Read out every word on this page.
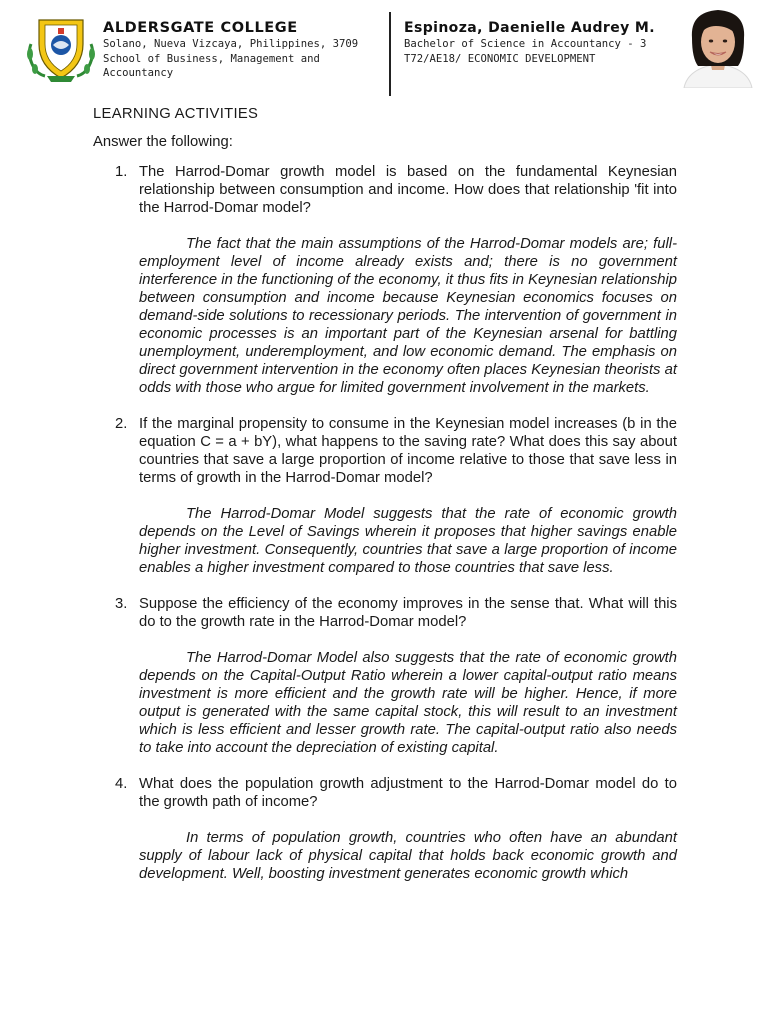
ALDERSGATE COLLEGE
Solano, Nueva Vizcaya, Philippines, 3709
School of Business, Management and
Accountancy
Espinoza, Daenielle Audrey M.
Bachelor of Science in Accountancy - 3
T72/AE18/ ECONOMIC DEVELOPMENT
LEARNING ACTIVITIES
Answer the following:
1. The Harrod-Domar growth model is based on the fundamental Keynesian relationship between consumption and income. How does that relationship 'fit into the Harrod-Domar model?
The fact that the main assumptions of the Harrod-Domar models are; full-employment level of income already exists and; there is no government interference in the functioning of the economy, it thus fits in Keynesian relationship between consumption and income because Keynesian economics focuses on demand-side solutions to recessionary periods. The intervention of government in economic processes is an important part of the Keynesian arsenal for battling unemployment, underemployment, and low economic demand. The emphasis on direct government intervention in the economy often places Keynesian theorists at odds with those who argue for limited government involvement in the markets.
2. If the marginal propensity to consume in the Keynesian model increases (b in the equation C = a + bY), what happens to the saving rate? What does this say about countries that save a large proportion of income relative to those that save less in terms of growth in the Harrod-Domar model?
The Harrod-Domar Model suggests that the rate of economic growth depends on the Level of Savings wherein it proposes that higher savings enable higher investment. Consequently, countries that save a large proportion of income enables a higher investment compared to those countries that save less.
3. Suppose the efficiency of the economy improves in the sense that. What will this do to the growth rate in the Harrod-Domar model?
The Harrod-Domar Model also suggests that the rate of economic growth depends on the Capital-Output Ratio wherein a lower capital-output ratio means investment is more efficient and the growth rate will be higher. Hence, if more output is generated with the same capital stock, this will result to an investment which is less efficient and lesser growth rate. The capital-output ratio also needs to take into account the depreciation of existing capital.
4. What does the population growth adjustment to the Harrod-Domar model do to the growth path of income?
In terms of population growth, countries who often have an abundant supply of labour lack of physical capital that holds back economic growth and development. Well, boosting investment generates economic growth which
